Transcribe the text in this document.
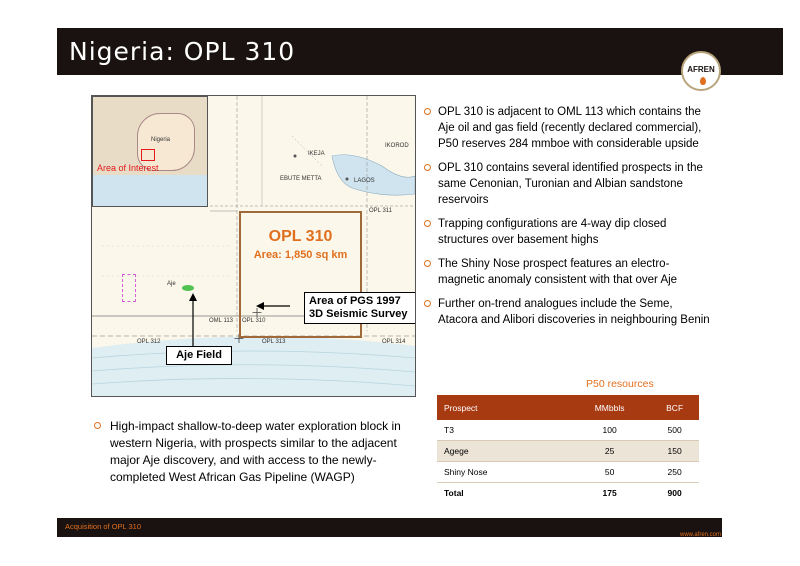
Nigeria: OPL 310
AFREN
Nigeria
Area of Interest
IKEJA
IKOROD
EBUTE METTA	LAGOS
OPL 311
OML 113 OPL 310
OPL 312	OPL 313	OPL 314
Aje
OPL 310
Area: 1,850 sq km
Area of PGS 1997 3D Seismic Survey
Aje Field
OPL 310 is adjacent to OML 113 which contains the Aje oil and gas field (recently declared commercial), P50 reserves 284 mmboe with considerable upside
OPL 310 contains several identified prospects in the same Cenonian, Turonian and Albian sandstone reservoirs
Trapping configurations are 4-way dip closed structures over basement highs
The Shiny Nose prospect features an electro-magnetic anomaly consistent with that over Aje
Further on-trend analogues include the Seme, Atacora and Alibori discoveries in neighbouring Benin
High-impact shallow-to-deep water exploration block in western Nigeria, with prospects similar to the adjacent major Aje discovery, and with access to the newly-completed West African Gas Pipeline (WAGP)
P50 resources
Prospect	MMbbls	BCF
T3	100	500
Agege	25	150
Shiny Nose	50	250
Total	175	900
Acquisition of OPL 310	21
www.afren.com
